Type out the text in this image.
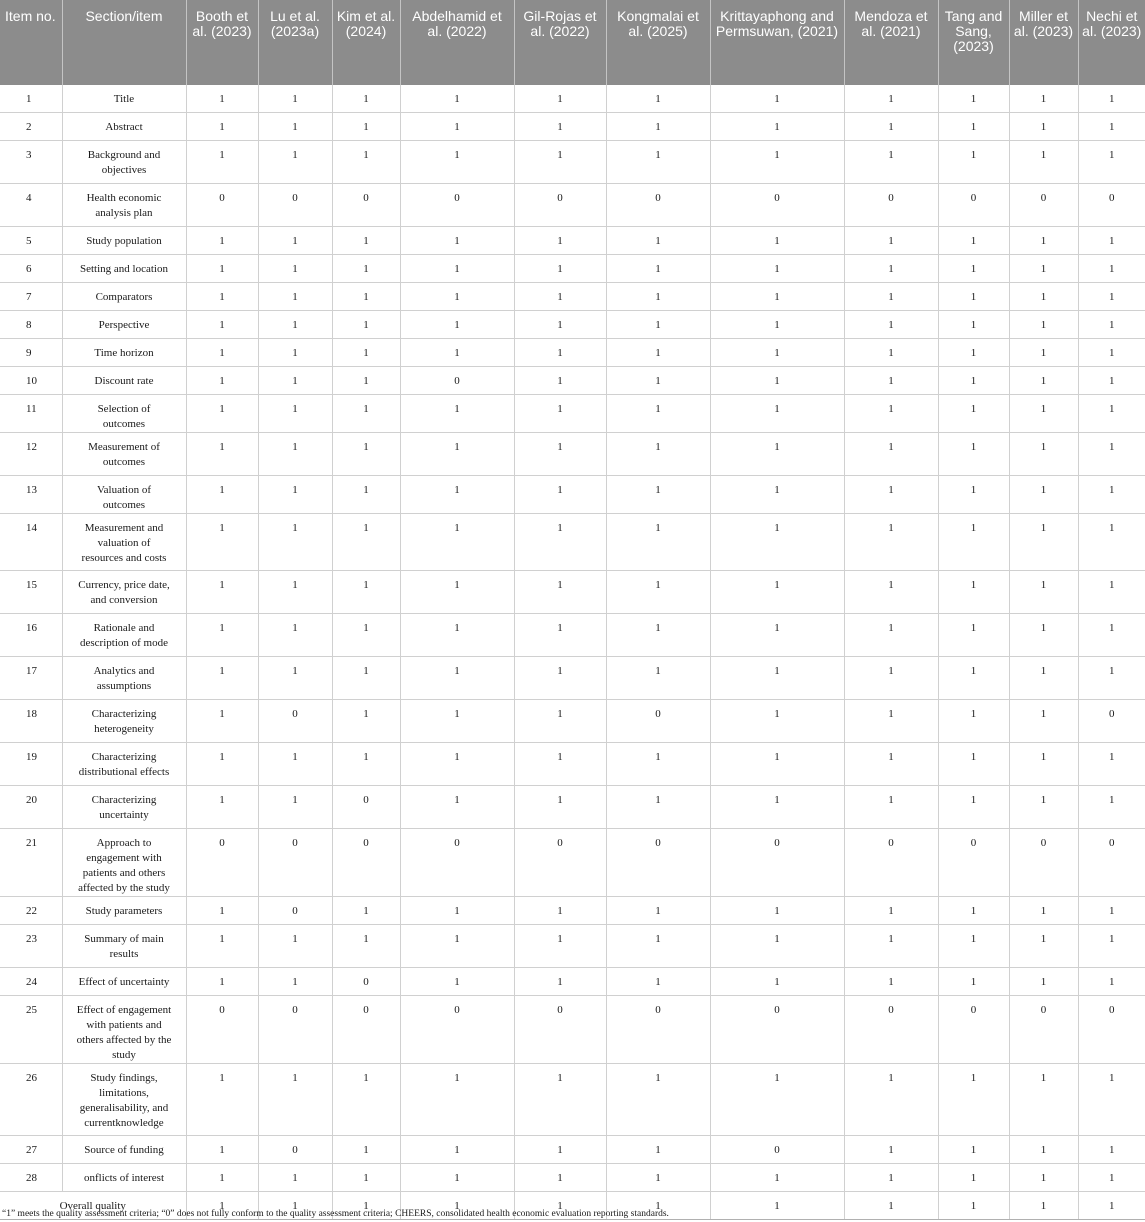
Item no.	Section/item	Booth et al. (2023)	Lu et al. (2023a)	Kim et al. (2024)	Abdelhamid et al. (2022)	Gil-Rojas et al. (2022)	Kongmalai et al. (2025)	Krittayaphong and Permsuwan, (2021)	Mendoza et al. (2021)	Tang and Sang, (2023)	Miller et al. (2023)	Nechi et al. (2023)
1	Title	1	1	1	1	1	1	1	1	1	1	1
2	Abstract	1	1	1	1	1	1	1	1	1	1	1
3	Background and objectives	1	1	1	1	1	1	1	1	1	1	1
4	Health economic analysis plan	0	0	0	0	0	0	0	0	0	0	0
5	Study population	1	1	1	1	1	1	1	1	1	1	1
6	Setting and location	1	1	1	1	1	1	1	1	1	1	1
7	Comparators	1	1	1	1	1	1	1	1	1	1	1
8	Perspective	1	1	1	1	1	1	1	1	1	1	1
9	Time horizon	1	1	1	1	1	1	1	1	1	1	1
10	Discount rate	1	1	1	0	1	1	1	1	1	1	1
11	Selection of outcomes	1	1	1	1	1	1	1	1	1	1	1
12	Measurement of outcomes	1	1	1	1	1	1	1	1	1	1	1
13	Valuation of outcomes	1	1	1	1	1	1	1	1	1	1	1
14	Measurement and valuation of resources and costs	1	1	1	1	1	1	1	1	1	1	1
15	Currency, price date, and conversion	1	1	1	1	1	1	1	1	1	1	1
16	Rationale and description of mode	1	1	1	1	1	1	1	1	1	1	1
17	Analytics and assumptions	1	1	1	1	1	1	1	1	1	1	1
18	Characterizing heterogeneity	1	0	1	1	1	0	1	1	1	1	0
19	Characterizing distributional effects	1	1	1	1	1	1	1	1	1	1	1
20	Characterizing uncertainty	1	1	0	1	1	1	1	1	1	1	1
21	Approach to engagement with patients and others affected by the study	0	0	0	0	0	0	0	0	0	0	0
22	Study parameters	1	0	1	1	1	1	1	1	1	1	1
23	Summary of main results	1	1	1	1	1	1	1	1	1	1	1
24	Effect of uncertainty	1	1	0	1	1	1	1	1	1	1	1
25	Effect of engagement with patients and others affected by the study	0	0	0	0	0	0	0	0	0	0	0
26	Study findings, limitations, generalisability, and currentknowledge	1	1	1	1	1	1	1	1	1	1	1
27	Source of funding	1	0	1	1	1	1	0	1	1	1	1
28	onflicts of interest	1	1	1	1	1	1	1	1	1	1	1
Overall quality		1	1	1	1	1	1	1	1	1	1	1

“1” meets the quality assessment criteria; “0” does not fully conform to the quality assessment criteria; CHEERS, consolidated health economic evaluation reporting standards.
